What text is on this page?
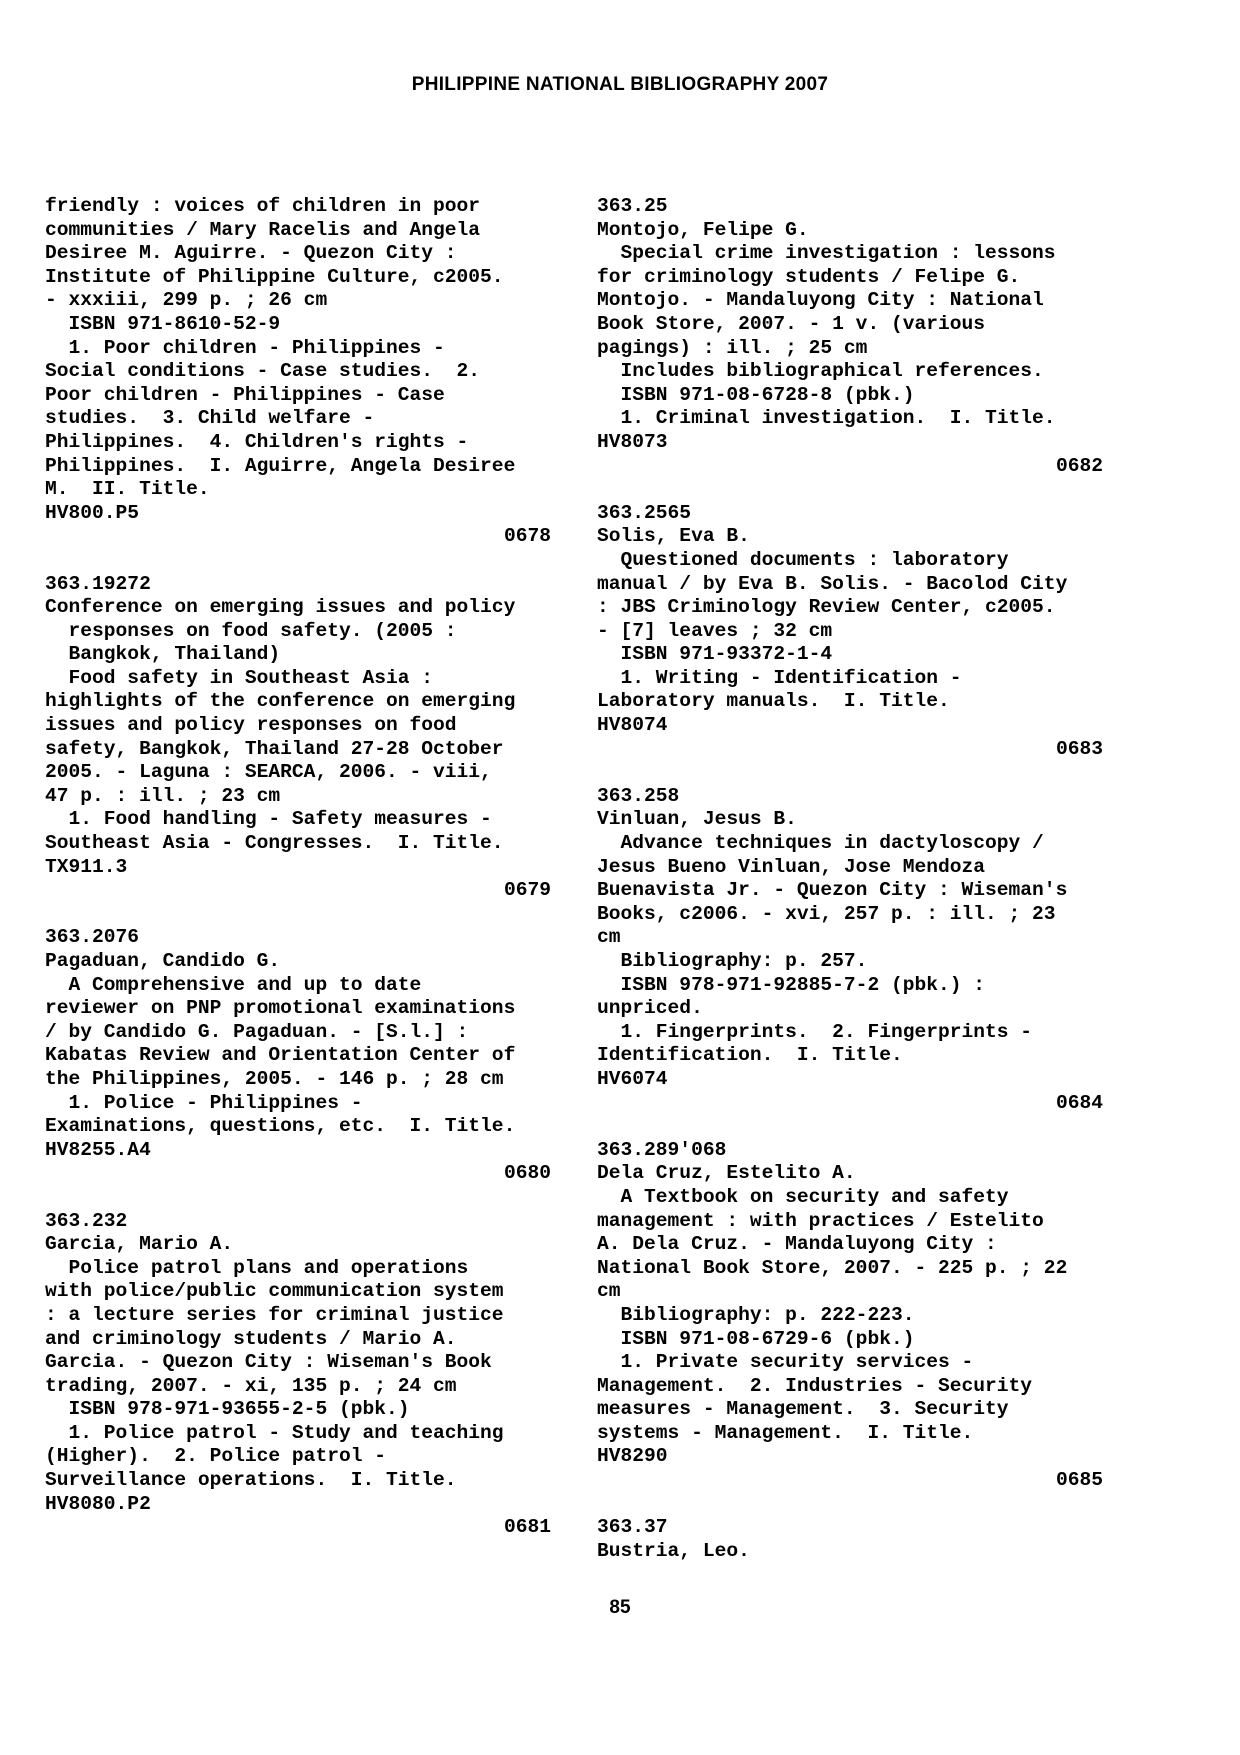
PHILIPPINE NATIONAL BIBLIOGRAPHY 2007
friendly : voices of children in poor
communities / Mary Racelis and Angela
Desiree M. Aguirre. - Quezon City :
Institute of Philippine Culture, c2005.
- xxxiii, 299 p. ; 26 cm
ISBN 971-8610-52-9
1. Poor children - Philippines -
Social conditions - Case studies.  2.
Poor children - Philippines - Case
studies.  3. Child welfare -
Philippines.  4. Children's rights -
Philippines.  I. Aguirre, Angela Desiree
M.  II. Title.
HV800.P5
0678
363.19272
Conference on emerging issues and policy
responses on food safety. (2005 :
Bangkok, Thailand)
Food safety in Southeast Asia :
highlights of the conference on emerging
issues and policy responses on food
safety, Bangkok, Thailand 27-28 October
2005. - Laguna : SEARCA, 2006. - viii,
47 p. : ill. ; 23 cm
1. Food handling - Safety measures -
Southeast Asia - Congresses.  I. Title.
TX911.3
0679
363.2076
Pagaduan, Candido G.
A Comprehensive and up to date
reviewer on PNP promotional examinations
/ by Candido G. Pagaduan. - [S.l.] :
Kabatas Review and Orientation Center of
the Philippines, 2005. - 146 p. ; 28 cm
1. Police - Philippines -
Examinations, questions, etc.  I. Title.
HV8255.A4
0680
363.232
Garcia, Mario A.
Police patrol plans and operations
with police/public communication system
: a lecture series for criminal justice
and criminology students / Mario A.
Garcia. - Quezon City : Wiseman's Book
trading, 2007. - xi, 135 p. ; 24 cm
ISBN 978-971-93655-2-5 (pbk.)
1. Police patrol - Study and teaching
(Higher).  2. Police patrol -
Surveillance operations.  I. Title.
HV8080.P2
0681
363.25
Montojo, Felipe G.
Special crime investigation : lessons
for criminology students / Felipe G.
Montojo. - Mandaluyong City : National
Book Store, 2007. - 1 v. (various
pagings) : ill. ; 25 cm
Includes bibliographical references.
ISBN 971-08-6728-8 (pbk.)
1. Criminal investigation.  I. Title.
HV8073
0682
363.2565
Solis, Eva B.
Questioned documents : laboratory
manual / by Eva B. Solis. - Bacolod City
: JBS Criminology Review Center, c2005.
- [7] leaves ; 32 cm
ISBN 971-93372-1-4
1. Writing - Identification -
Laboratory manuals.  I. Title.
HV8074
0683
363.258
Vinluan, Jesus B.
Advance techniques in dactyloscopy /
Jesus Bueno Vinluan, Jose Mendoza
Buenavista Jr. - Quezon City : Wiseman's
Books, c2006. - xvi, 257 p. : ill. ; 23
cm
Bibliography: p. 257.
ISBN 978-971-92885-7-2 (pbk.) :
unpriced.
1. Fingerprints.  2. Fingerprints -
Identification.  I. Title.
HV6074
0684
363.289'068
Dela Cruz, Estelito A.
A Textbook on security and safety
management : with practices / Estelito
A. Dela Cruz. - Mandaluyong City :
National Book Store, 2007. - 225 p. ; 22
cm
Bibliography: p. 222-223.
ISBN 971-08-6729-6 (pbk.)
1. Private security services -
Management.  2. Industries - Security
measures - Management.  3. Security
systems - Management.  I. Title.
HV8290
0685
363.37
Bustria, Leo.
85
